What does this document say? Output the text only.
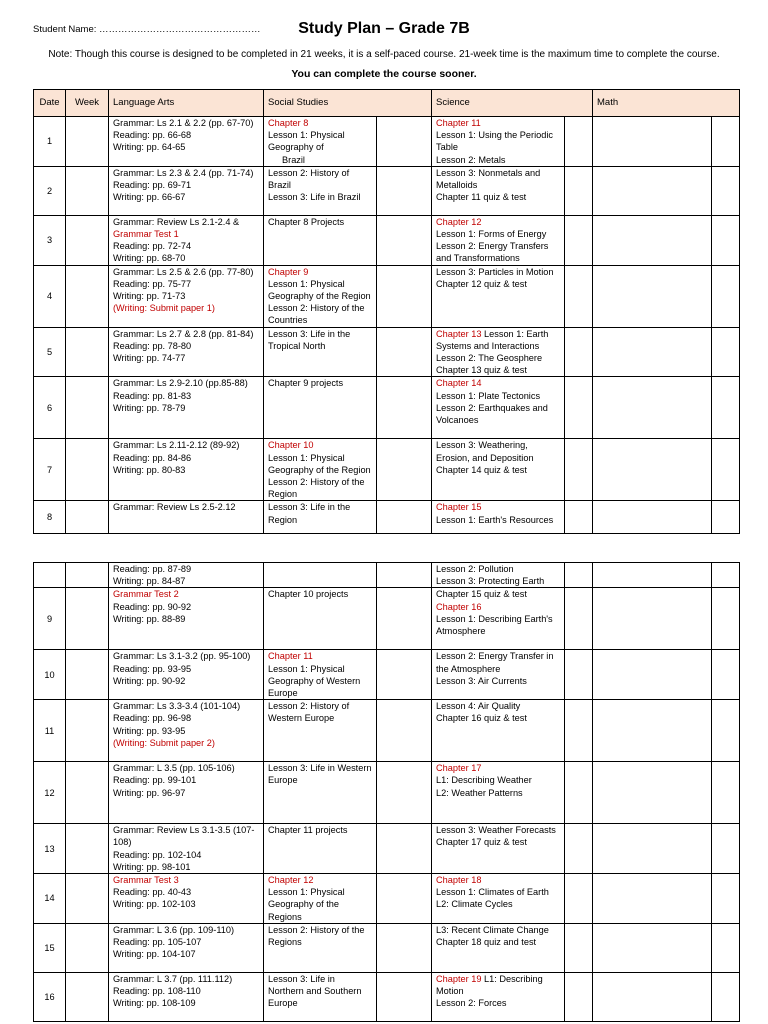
Student Name: ……………………………………………	Study Plan – Grade 7B
Note: Though this course is designed to be completed in 21 weeks, it is a self-paced course. 21-week time is the maximum time to complete the course.
You can complete the course sooner.
Date	Week	Language Arts	Social Studies		Science		Math	
1		Grammar: Ls 2.1 & 2.2 (pp. 67-70)
Reading: pp. 66-68
Writing: pp. 64-65	Chapter 8
Lesson 1: Physical Geography of
Brazil		Chapter 11
Lesson 1: Using the Periodic Table
Lesson 2: Metals			

2		Grammar: Ls 2.3 & 2.4 (pp. 71-74)
Reading: pp. 69-71
Writing: pp. 66-67	Lesson 2: History of Brazil
Lesson 3: Life in Brazil		Lesson 3: Nonmetals and Metalloids
Chapter 11 quiz & test			

3		Grammar: Review Ls 2.1-2.4 &
Grammar Test 1
Reading: pp. 72-74
Writing: pp. 68-70	Chapter 8 Projects		Chapter 12
Lesson 1: Forms of Energy
Lesson 2: Energy Transfers and Transformations			

4		Grammar: Ls 2.5 & 2.6 (pp. 77-80)
Reading: pp. 75-77
Writing: pp. 71-73
(Writing: Submit paper 1)	Chapter 9
Lesson 1: Physical Geography of the Region
Lesson 2: History of the Countries		Lesson 3: Particles in Motion
Chapter 12 quiz & test			

5		Grammar: Ls 2.7 & 2.8 (pp. 81-84)
Reading: pp. 78-80
Writing: pp. 74-77	Lesson 3: Life in the Tropical North		Chapter 13 Lesson 1: Earth Systems and Interactions
Lesson 2: The Geosphere
Chapter 13 quiz & test			

6		Grammar: Ls 2.9-2.10 (pp.85-88)
Reading: pp. 81-83
Writing: pp. 78-79	Chapter 9 projects		Chapter 14
Lesson 1: Plate Tectonics
Lesson 2: Earthquakes and Volcanoes			

7		Grammar: Ls 2.11-2.12 (89-92)
Reading: pp. 84-86
Writing: pp. 80-83	Chapter 10
Lesson 1: Physical Geography of the Region
Lesson 2: History of the Region		Lesson 3: Weathering, Erosion, and Deposition
Chapter 14 quiz & test			

8		Grammar: Review Ls 2.5-2.12	Lesson 3: Life in the Region		Chapter 15
Lesson 1: Earth's Resources			

		Reading: pp. 87-89
Writing: pp. 84-87			Lesson 2: Pollution
Lesson 3: Protecting Earth			

9		Grammar Test 2
Reading: pp. 90-92
Writing: pp. 88-89	Chapter 10 projects		Chapter 15 quiz & test
Chapter 16
Lesson 1: Describing Earth's Atmosphere			

10		Grammar: Ls 3.1-3.2 (pp. 95-100)
Reading: pp. 93-95
Writing: pp. 90-92	Chapter 11
Lesson 1: Physical Geography of Western Europe		Lesson 2: Energy Transfer in the Atmosphere
Lesson 3: Air Currents			

11		Grammar: Ls 3.3-3.4 (101-104)
Reading: pp. 96-98
Writing: pp. 93-95
(Writing: Submit paper 2)	Lesson 2: History of Western Europe		Lesson 4: Air Quality
Chapter 16 quiz & test			

12		Grammar: L 3.5 (pp. 105-106)
Reading: pp. 99-101
Writing: pp. 96-97	Lesson 3: Life in Western Europe		Chapter 17
L1: Describing Weather
L2: Weather Patterns			

13		Grammar: Review Ls 3.1-3.5 (107-108)
Reading: pp. 102-104
Writing: pp. 98-101	Chapter 11 projects		Lesson 3: Weather Forecasts
Chapter 17 quiz & test			

14		Grammar Test 3
Reading: pp. 40-43
Writing: pp. 102-103	Chapter 12
Lesson 1: Physical Geography of the Regions		Chapter 18
Lesson 1: Climates of Earth
L2: Climate Cycles			

15		Grammar: L 3.6 (pp. 109-110)
Reading: pp. 105-107
Writing: pp. 104-107	Lesson 2: History of the Regions		L3: Recent Climate Change
Chapter 18 quiz and test			

16		Grammar: L 3.7 (pp. 111.112)
Reading: pp. 108-110
Writing: pp. 108-109	Lesson 3: Life in Northern and Southern Europe		Chapter 19 L1: Describing Motion
Lesson 2: Forces			
